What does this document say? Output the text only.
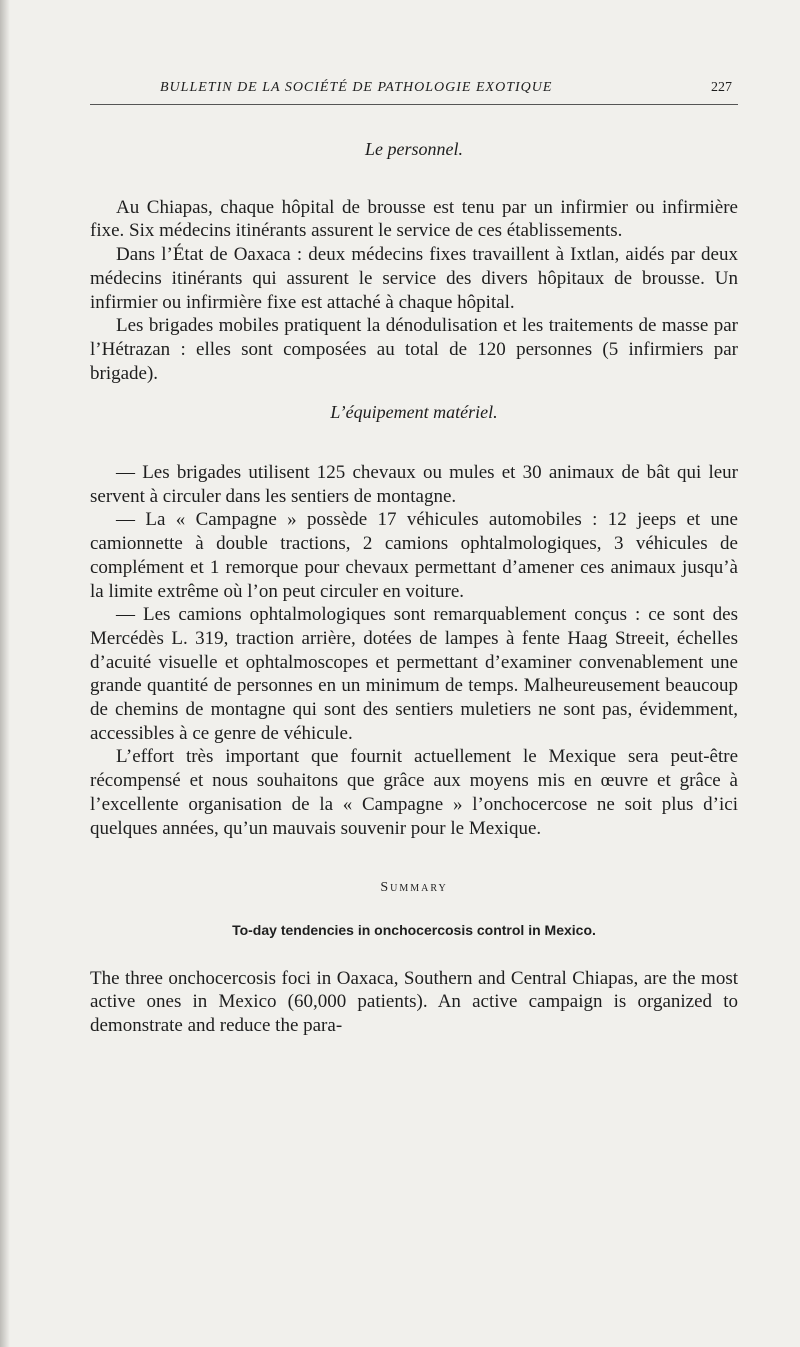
BULLETIN DE LA SOCIÉTÉ DE PATHOLOGIE EXOTIQUE	227
Le personnel.

Au Chiapas, chaque hôpital de brousse est tenu par un infirmier ou infirmière fixe. Six médecins itinérants assurent le service de ces établissements.

Dans l’État de Oaxaca : deux médecins fixes travaillent à Ixtlan, aidés par deux médecins itinérants qui assurent le service des divers hôpitaux de brousse. Un infirmier ou infirmière fixe est attaché à chaque hôpital.

Les brigades mobiles pratiquent la dénodulisation et les traitements de masse par l’Hétrazan : elles sont composées au total de 120 personnes (5 infirmiers par brigade).

L’équipement matériel.

— Les brigades utilisent 125 chevaux ou mules et 30 animaux de bât qui leur servent à circuler dans les sentiers de montagne.

— La « Campagne » possède 17 véhicules automobiles : 12 jeeps et une camionnette à double tractions, 2 camions ophtalmologiques, 3 véhicules de complément et 1 remorque pour chevaux permettant d’amener ces animaux jusqu’à la limite extrême où l’on peut circuler en voiture.

— Les camions ophtalmologiques sont remarquablement conçus : ce sont des Mercédès L. 319, traction arrière, dotées de lampes à fente Haag Streeit, échelles d’acuité visuelle et ophtalmoscopes et permettant d’examiner convenablement une grande quantité de personnes en un minimum de temps. Malheureusement beaucoup de chemins de montagne qui sont des sentiers muletiers ne sont pas, évidemment, accessibles à ce genre de véhicule.

L’effort très important que fournit actuellement le Mexique sera peut-être récompensé et nous souhaitons que grâce aux moyens mis en œuvre et grâce à l’excellente organisation de la « Campagne » l’onchocercose ne soit plus d’ici quelques années, qu’un mauvais souvenir pour le Mexique.

Summary
To-day tendencies in onchocercosis control in Mexico.

The three onchocercosis foci in Oaxaca, Southern and Central Chiapas, are the most active ones in Mexico (60,000 patients). An active campaign is organized to demonstrate and reduce the para-
